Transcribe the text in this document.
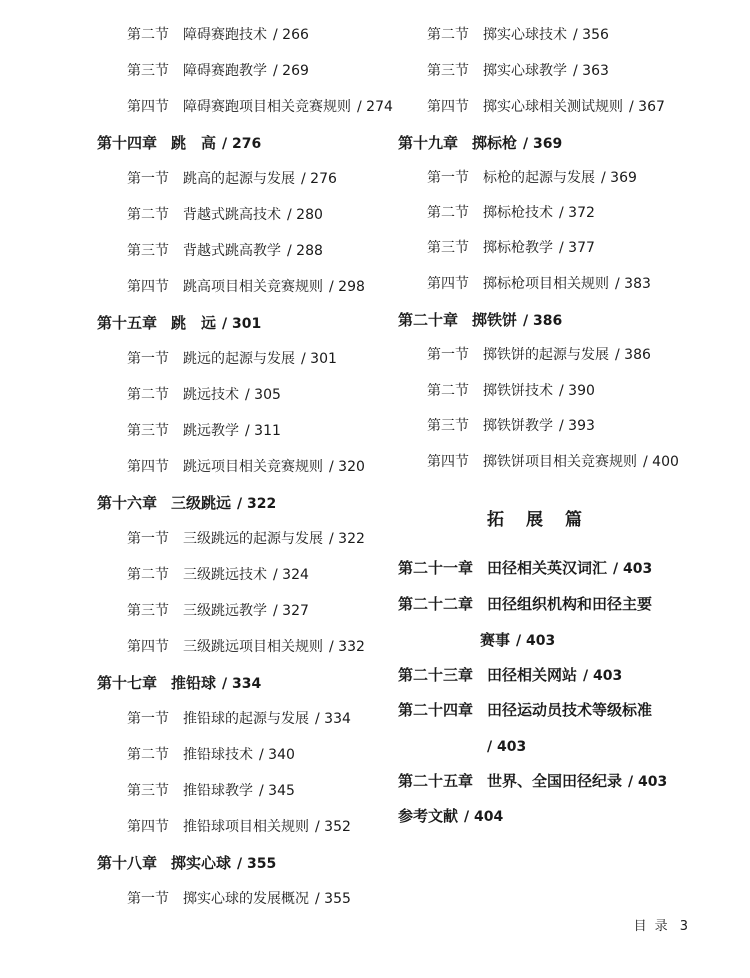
第二节 障碍赛跑技术 / 266
第三节 障碍赛跑教学 / 269
第四节 障碍赛跑项目相关竞赛规则 / 274
第十四章 跳　高 / 276
第一节 跳高的起源与发展 / 276
第二节 背越式跳高技术 / 280
第三节 背越式跳高教学 / 288
第四节 跳高项目相关竞赛规则 / 298
第十五章 跳　远 / 301
第一节 跳远的起源与发展 / 301
第二节 跳远技术 / 305
第三节 跳远教学 / 311
第四节 跳远项目相关竞赛规则 / 320
第十六章 三级跳远 / 322
第一节 三级跳远的起源与发展 / 322
第二节 三级跳远技术 / 324
第三节 三级跳远教学 / 327
第四节 三级跳远项目相关规则 / 332
第十七章 推铅球 / 334
第一节 推铅球的起源与发展 / 334
第二节 推铅球技术 / 340
第三节 推铅球教学 / 345
第四节 推铅球项目相关规则 / 352
第十八章 掷实心球 / 355
第一节 掷实心球的发展概况 / 355
第二节 掷实心球技术 / 356
第三节 掷实心球教学 / 363
第四节 掷实心球相关测试规则 / 367
第十九章 掷标枪 / 369
第一节 标枪的起源与发展 / 369
第二节 掷标枪技术 / 372
第三节 掷标枪教学 / 377
第四节 掷标枪项目相关规则 / 383
第二十章 掷铁饼 / 386
第一节 掷铁饼的起源与发展 / 386
第二节 掷铁饼技术 / 390
第三节 掷铁饼教学 / 393
第四节 掷铁饼项目相关竞赛规则 / 400
拓展篇
第二十一章 田径相关英汉词汇 / 403
第二十二章 田径组织机构和田径主要
赛事 / 403
第二十三章 田径相关网站 / 403
第二十四章 田径运动员技术等级标准
/ 403
第二十五章 世界、全国田径纪录 / 403
参考文献 / 404
目录 3
